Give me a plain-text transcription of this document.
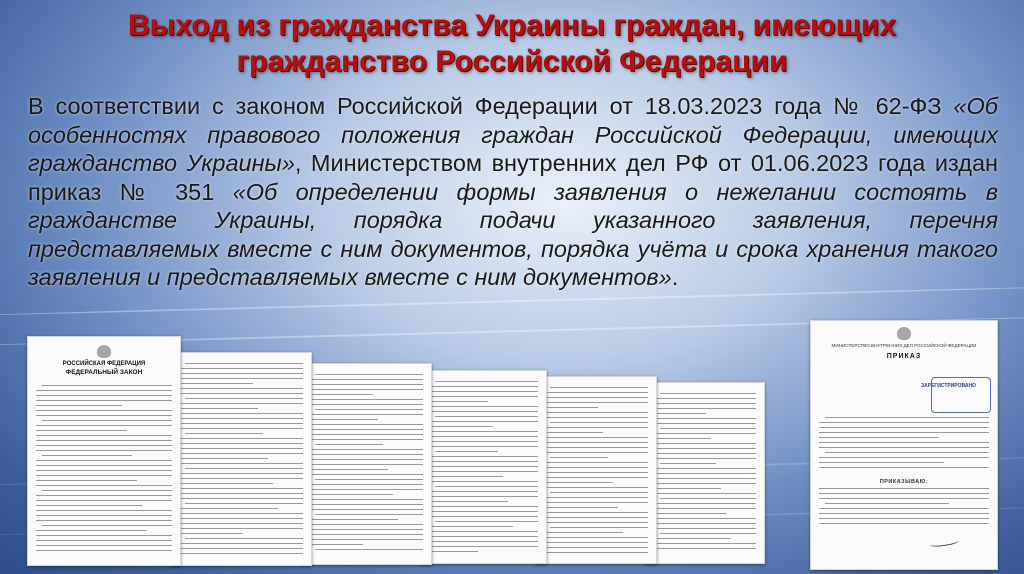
Выход из гражданства Украины граждан, имеющих гражданство Российской Федерации
В соответствии с законом Российской Федерации от 18.03.2023 года № 62-ФЗ «Об особенностях правового положения граждан Российской Федерации, имеющих гражданство Украины», Министерством внутренних дел РФ от 01.06.2023 года издан приказ № 351 «Об определении формы заявления о нежелании состоять в гражданстве Украины, порядка подачи указанного заявления, перечня представляемых вместе с ним документов, порядка учёта и срока хранения такого заявления и представляемых вместе с ним документов».
РОССИЙСКАЯ ФЕДЕРАЦИЯ
ФЕДЕРАЛЬНЫЙ ЗАКОН
МИНИСТЕРСТВО ВНУТРЕННИХ ДЕЛ РОССИЙСКОЙ ФЕДЕРАЦИИ
ПРИКАЗ
ЗАРЕГИСТРИРОВАНО
ПРИКАЗЫВАЮ:
